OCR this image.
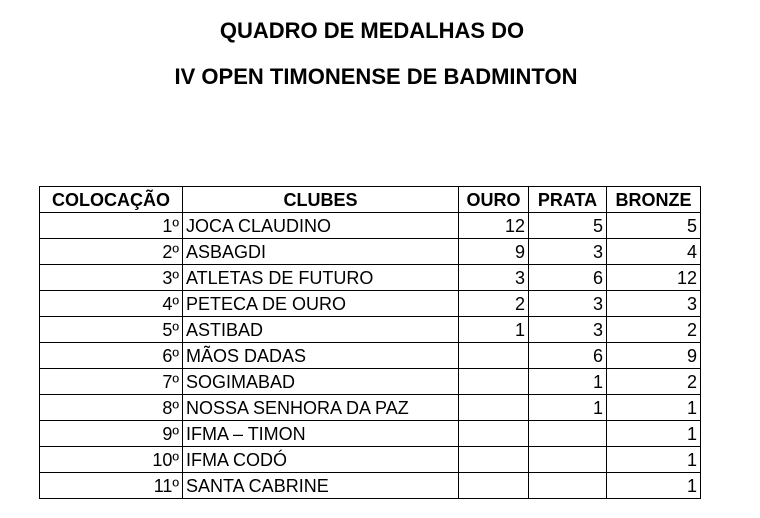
QUADRO DE MEDALHAS DO
IV OPEN TIMONENSE DE BADMINTON
COLOCAÇÃO	CLUBES	OURO	PRATA	BRONZE
1º	JOCA CLAUDINO	12	5	5
2º	ASBAGDI	9	3	4
3º	ATLETAS DE FUTURO	3	6	12
4º	PETECA DE OURO	2	3	3
5º	ASTIBAD	1	3	2
6º	MÃOS DADAS		6	9
7º	SOGIMABAD		1	2
8º	NOSSA SENHORA DA PAZ		1	1
9º	IFMA – TIMON			1
10º	IFMA CODÓ			1
11º	SANTA CABRINE			1
